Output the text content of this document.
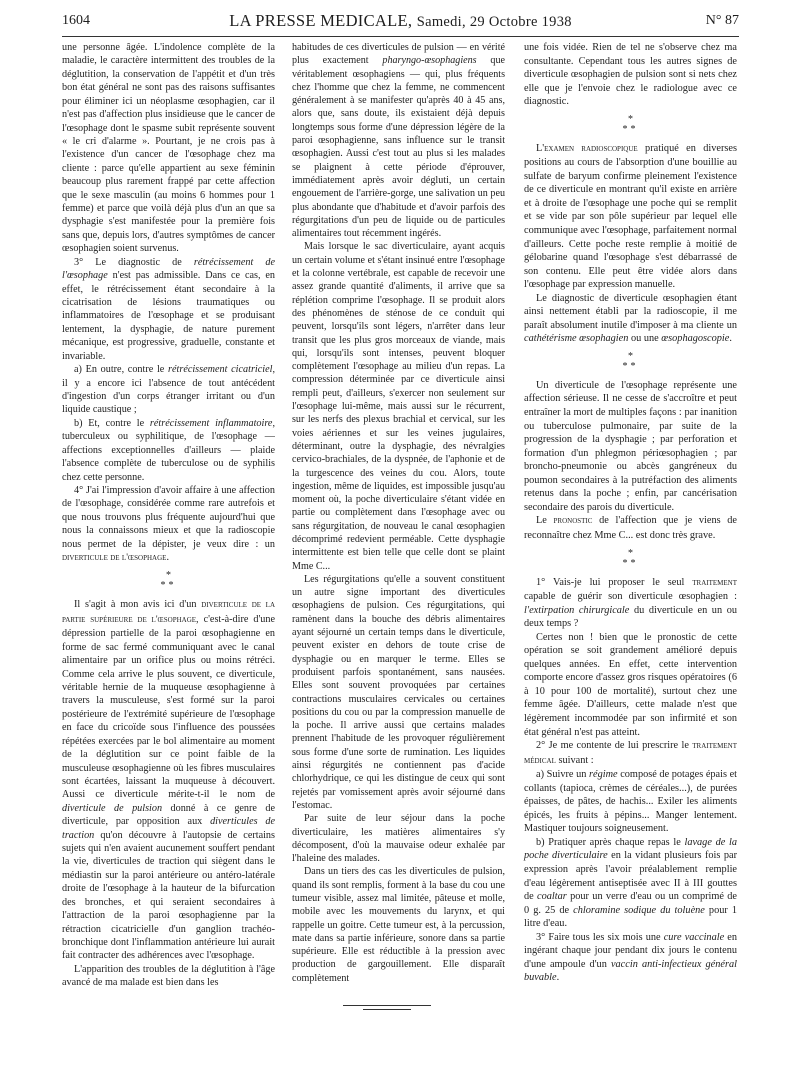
1604	LA PRESSE MEDICALE, Samedi, 29 Octobre 1938	N° 87

une personne âgée. L'indolence complète de la maladie, le caractère intermittent des troubles de la déglutition, la conservation de l'appétit et d'un très bon état général ne sont pas des raisons suffisantes pour éliminer ici un néoplasme œsophagien, car il n'est pas d'affection plus insidieuse que le cancer de l'œsophage dont le spasme subit représente souvent « le cri d'alarme ». Pourtant, je ne crois pas à l'existence d'un cancer de l'œsophage chez ma cliente : parce qu'elle appartient au sexe féminin beaucoup plus rarement frappé par cette affection que le sexe masculin (au moins 6 hommes pour 1 femme) et parce que voilà déjà plus d'un an que sa dysphagie s'est manifestée pour la première fois sans que, depuis lors, d'autres symptômes de cancer œsophagien soient survenus.

3° Le diagnostic de rétrécissement de l'œsophage n'est pas admissible. Dans ce cas, en effet, le rétrécissement étant secondaire à la cicatrisation de lésions traumatiques ou inflammatoires de l'œsophage et se produisant lentement, la dysphagie, de nature purement mécanique, est progressive, graduelle, constante et invariable.

a) En outre, contre le rétrécissement cicatriciel, il y a encore ici l'absence de tout antécédent d'ingestion d'un corps étranger irritant ou d'un liquide caustique ;

b) Et, contre le rétrécissement inflammatoire, tuberculeux ou syphilitique, de l'œsophage — affections exceptionnelles d'ailleurs — plaide l'absence complète de tuberculose ou de syphilis chez cette personne.

4° J'ai l'impression d'avoir affaire à une affection de l'œsophage, considérée comme rare autrefois et que nous trouvons plus fréquente aujourd'hui que nous la connaissons mieux et que la radioscopie nous permet de la dépister, je veux dire : un diverticule de l'œsophage.

*
**

Il s'agit à mon avis ici d'un diverticule de la partie supérieure de l'œsophage, c'est-à-dire d'une dépression partielle de la paroi œsophagienne en forme de sac fermé communiquant avec le canal alimentaire par un orifice plus ou moins rétréci. Comme cela arrive le plus souvent, ce diverticule, véritable hernie de la muqueuse œsophagienne à travers la musculeuse, s'est formé sur la paroi postérieure de l'extrémité supérieure de l'œsophage en face du cricoïde sous l'influence des poussées répétées exercées par le bol alimentaire au moment de la déglutition sur ce point faible de la musculeuse œsophagienne où les fibres musculaires sont écartées, laissant la muqueuse à découvert. Aussi ce diverticule mérite-t-il le nom de diverticule de pulsion donné à ce genre de diverticule, par opposition aux diverticules de traction qu'on découvre à l'autopsie de certains sujets qui n'en avaient aucunement souffert pendant la vie, diverticules de traction qui siègent dans le médiastin sur la paroi antérieure ou antéro-latérale droite de l'œsophage à la hauteur de la bifurcation des bronches, et qui seraient secondaires à l'attraction de la paroi œsophagienne par la rétraction cicatricielle d'un ganglion trachéo-bronchique dont l'inflammation antérieure lui aurait fait contracter des adhérences avec l'œsophage.

L'apparition des troubles de la déglutition à l'âge avancé de ma malade est bien dans les

habitudes de ces diverticules de pulsion — en vérité plus exactement pharyngo-œsophagiens que véritablement œsophagiens — qui, plus fréquents chez l'homme que chez la femme, ne commencent généralement à se manifester qu'après 40 à 45 ans, alors que, sans doute, ils existaient déjà depuis longtemps sous forme d'une dépression légère de la paroi œsophagienne, sans influence sur le transit œsophagien. Aussi c'est tout au plus si les malades se plaignent à cette période d'éprouver, immédiatement après avoir dégluti, un certain engouement de l'arrière-gorge, une salivation un peu plus abondante que d'habitude et d'avoir parfois des régurgitations d'un peu de liquide ou de particules alimentaires tout récemment ingérés.

Mais lorsque le sac diverticulaire, ayant acquis un certain volume et s'étant insinué entre l'œsophage et la colonne vertébrale, est capable de recevoir une assez grande quantité d'aliments, il arrive que sa réplétion comprime l'œsophage. Il se produit alors des phénomènes de sténose de ce conduit qui peuvent, lorsqu'ils sont légers, n'arrêter dans leur transit que les plus gros morceaux de viande, mais qui, lorsqu'ils sont intenses, peuvent bloquer complètement l'œsophage au milieu d'un repas. La compression déterminée par ce diverticule ainsi rempli peut, d'ailleurs, s'exercer non seulement sur l'œsophage lui-même, mais aussi sur le récurrent, sur les nerfs des plexus brachial et cervical, sur les voies aériennes et sur les veines jugulaires, déterminant, outre la dysphagie, des névralgies cervico-brachiales, de la dyspnée, de l'aphonie et de la turgescence des veines du cou. Alors, toute ingestion, même de liquides, est impossible jusqu'au moment où, la poche diverticulaire s'étant vidée en partie ou complètement dans l'œsophage avec ou sans régurgitation, de nouveau le canal œsophagien décomprimé redevient perméable. Cette dysphagie intermittente est bien telle que celle dont se plaint Mme C...

Les régurgitations qu'elle a souvent constituent un autre signe important des diverticules œsophagiens de pulsion. Ces régurgitations, qui ramènent dans la bouche des débris alimentaires ayant séjourné un certain temps dans le diverticule, peuvent exister en dehors de toute crise de dysphagie ou en marquer le terme. Elles se produisent parfois spontanément, sans nausées. Elles sont souvent provoquées par certaines contractions musculaires cervicales ou certaines positions du cou ou par la compression manuelle de la poche. Il arrive aussi que certains malades prennent l'habitude de les provoquer régulièrement sous forme d'une sorte de rumination. Les liquides ainsi régurgités ne contiennent pas d'acide chlorhydrique, ce qui les distingue de ceux qui sont rejetés par vomissement après avoir séjourné dans l'estomac.

Par suite de leur séjour dans la poche diverticulaire, les matières alimentaires s'y décomposent, d'où la mauvaise odeur exhalée par l'haleine des malades.

Dans un tiers des cas les diverticules de pulsion, quand ils sont remplis, forment à la base du cou une tumeur visible, assez mal limitée, pâteuse et molle, mobile avec les mouvements du larynx, et qui rappelle un goitre. Cette tumeur est, à la percussion, mate dans sa partie inférieure, sonore dans sa partie supérieure. Elle est réductible à la pression avec production de gargouillement. Elle disparaît complètement

une fois vidée. Rien de tel ne s'observe chez ma consultante. Cependant tous les autres signes de diverticule œsophagien de pulsion sont si nets chez elle que je l'envoie chez le radiologue avec ce diagnostic.

*
**

L'examen radioscopique pratiqué en diverses positions au cours de l'absorption d'une bouillie au sulfate de baryum confirme pleinement l'existence de ce diverticule en montrant qu'il existe en arrière et à droite de l'œsophage une poche qui se remplit et se vide par son pôle supérieur par lequel elle communique avec l'œsophage, parfaitement normal d'ailleurs. Cette poche reste remplie à moitié de gélobarine quand l'œsophage s'est débarrassé de son contenu. Elle peut être vidée alors dans l'œsophage par expression manuelle.

Le diagnostic de diverticule œsophagien étant ainsi nettement établi par la radioscopie, il me paraît absolument inutile d'imposer à ma cliente un cathétérisme œsophagien ou une œsophagoscopie.

*
**

Un diverticule de l'œsophage représente une affection sérieuse. Il ne cesse de s'accroître et peut entraîner la mort de multiples façons : par inanition ou tuberculose pulmonaire, par suite de la progression de la dysphagie ; par perforation et formation d'un phlegmon périœsophagien ; par broncho-pneumonie ou abcès gangréneux du poumon secondaires à la putréfaction des aliments retenus dans la poche ; enfin, par cancérisation secondaire des parois du diverticule.

Le pronostic de l'affection que je viens de reconnaître chez Mme C... est donc très grave.

*
**

1° Vais-je lui proposer le seul traitement capable de guérir son diverticule œsophagien : l'extirpation chirurgicale du diverticule en un ou deux temps ?

Certes non ! bien que le pronostic de cette opération se soit grandement amélioré depuis quelques années. En effet, cette intervention comporte encore d'assez gros risques opératoires (6 à 10 pour 100 de mortalité), surtout chez une femme âgée. D'ailleurs, cette malade n'est que légèrement incommodée par son infirmité et son état général n'est pas atteint.

2° Je me contente de lui prescrire le traitement médical suivant :

a) Suivre un régime composé de potages épais et collants (tapioca, crèmes de céréales...), de purées épaisses, de pâtes, de hachis... Exiler les aliments épicés, les fruits à pépins... Manger lentement. Mastiquer toujours soigneusement.

b) Pratiquer après chaque repas le lavage de la poche diverticulaire en la vidant plusieurs fois par expression après l'avoir préalablement remplie d'eau légèrement antiseptisée avec II à III gouttes de coaltar pour un verre d'eau ou un comprimé de 0 g. 25 de chloramine sodique du toluène pour 1 litre d'eau.

3° Faire tous les six mois une cure vaccinale en ingérant chaque jour pendant dix jours le contenu d'une ampoule d'un vaccin anti-infectieux général buvable.
